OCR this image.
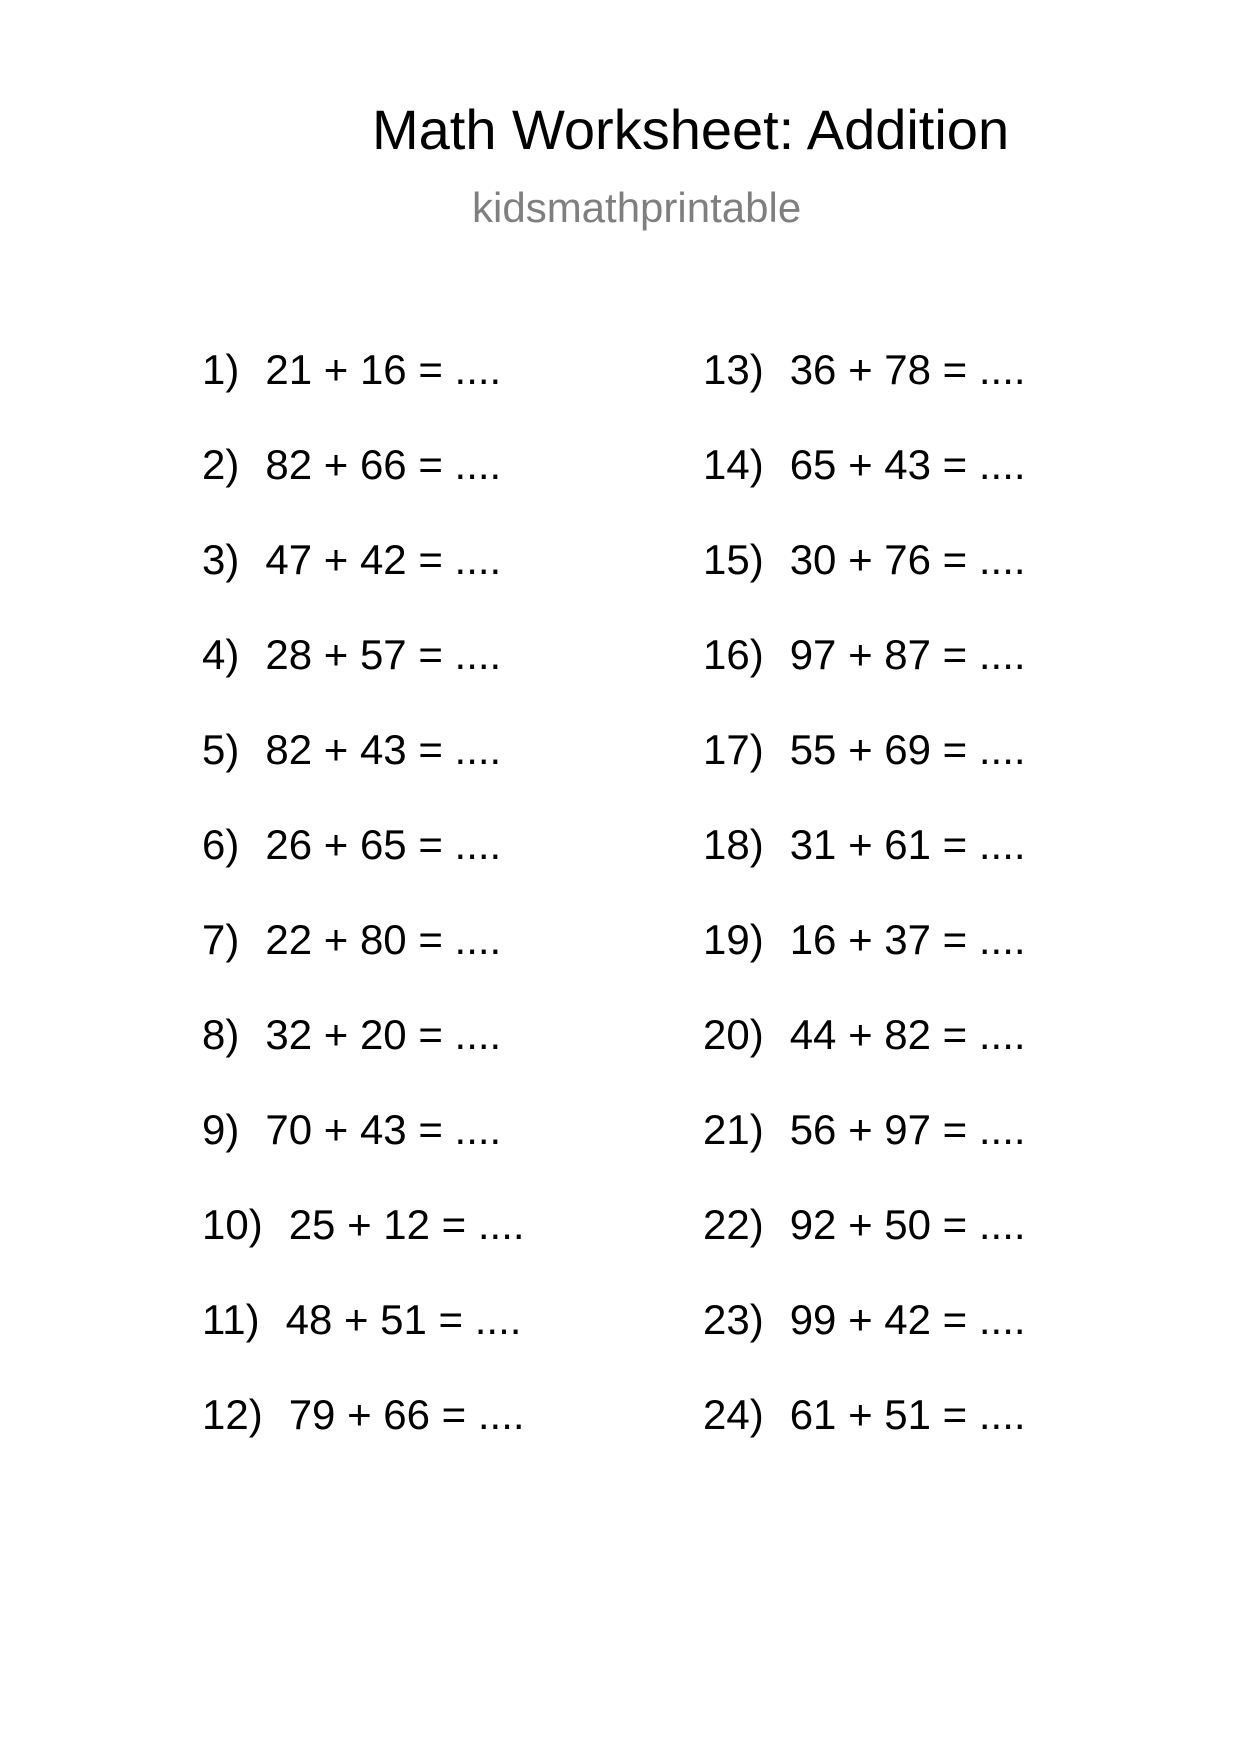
Math Worksheet: Addition
kidsmathprintable
1) 21 + 16 = ....
2) 82 + 66 = ....
3) 47 + 42 = ....
4) 28 + 57 = ....
5) 82 + 43 = ....
6) 26 + 65 = ....
7) 22 + 80 = ....
8) 32 + 20 = ....
9) 70 + 43 = ....
10) 25 + 12 = ....
11) 48 + 51 = ....
12) 79 + 66 = ....
13) 36 + 78 = ....
14) 65 + 43 = ....
15) 30 + 76 = ....
16) 97 + 87 = ....
17) 55 + 69 = ....
18) 31 + 61 = ....
19) 16 + 37 = ....
20) 44 + 82 = ....
21) 56 + 97 = ....
22) 92 + 50 = ....
23) 99 + 42 = ....
24) 61 + 51 = ....
